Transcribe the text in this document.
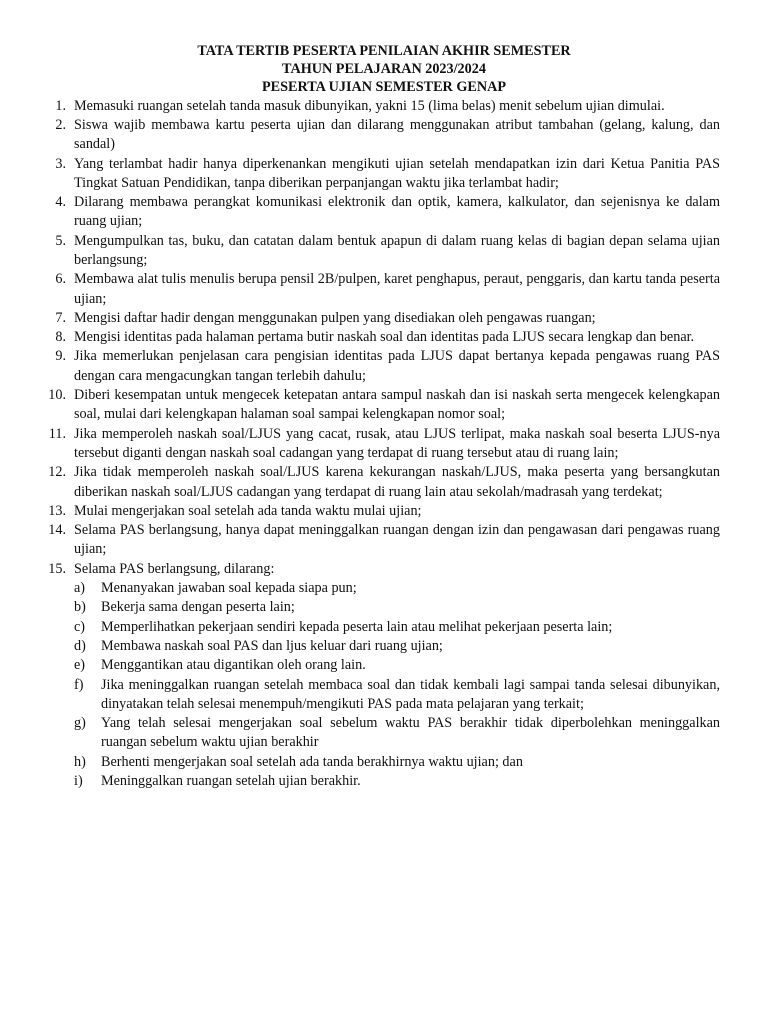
TATA TERTIB PESERTA PENILAIAN AKHIR SEMESTER
TAHUN PELAJARAN 2023/2024
PESERTA UJIAN SEMESTER GENAP
1. Memasuki ruangan setelah tanda masuk dibunyikan, yakni 15 (lima belas) menit sebelum ujian dimulai.
2. Siswa wajib membawa kartu peserta ujian dan dilarang menggunakan atribut tambahan (gelang, kalung, dan sandal)
3. Yang terlambat hadir hanya diperkenankan mengikuti ujian setelah mendapatkan izin dari Ketua Panitia PAS Tingkat Satuan Pendidikan, tanpa diberikan perpanjangan waktu jika terlambat hadir;
4. Dilarang membawa perangkat komunikasi elektronik dan optik, kamera, kalkulator, dan sejenisnya ke dalam ruang ujian;
5. Mengumpulkan tas, buku, dan catatan dalam bentuk apapun di dalam ruang kelas di bagian depan selama ujian berlangsung;
6. Membawa alat tulis menulis berupa pensil 2B/pulpen, karet penghapus, peraut, penggaris, dan kartu tanda peserta ujian;
7. Mengisi daftar hadir dengan menggunakan pulpen yang disediakan oleh pengawas ruangan;
8. Mengisi identitas pada halaman pertama butir naskah soal dan identitas pada LJUS secara lengkap dan benar.
9. Jika memerlukan penjelasan cara pengisian identitas pada LJUS dapat bertanya kepada pengawas ruang PAS dengan cara mengacungkan tangan terlebih dahulu;
10. Diberi kesempatan untuk mengecek ketepatan antara sampul naskah dan isi naskah serta mengecek kelengkapan soal, mulai dari kelengkapan halaman soal sampai kelengkapan nomor soal;
11. Jika memperoleh naskah soal/LJUS yang cacat, rusak, atau LJUS terlipat, maka naskah soal beserta LJUS-nya tersebut diganti dengan naskah soal cadangan yang terdapat di ruang tersebut atau di ruang lain;
12. Jika tidak memperoleh naskah soal/LJUS karena kekurangan naskah/LJUS, maka peserta yang bersangkutan diberikan naskah soal/LJUS cadangan yang terdapat di ruang lain atau sekolah/madrasah yang terdekat;
13. Mulai mengerjakan soal setelah ada tanda waktu mulai ujian;
14. Selama PAS berlangsung, hanya dapat meninggalkan ruangan dengan izin dan pengawasan dari pengawas ruang ujian;
15. Selama PAS berlangsung, dilarang:
a) Menanyakan jawaban soal kepada siapa pun;
b) Bekerja sama dengan peserta lain;
c) Memperlihatkan pekerjaan sendiri kepada peserta lain atau melihat pekerjaan peserta lain;
d) Membawa naskah soal PAS dan ljus keluar dari ruang ujian;
e) Menggantikan atau digantikan oleh orang lain.
f) Jika meninggalkan ruangan setelah membaca soal dan tidak kembali lagi sampai tanda selesai dibunyikan, dinyatakan telah selesai menempuh/mengikuti PAS pada mata pelajaran yang terkait;
g) Yang telah selesai mengerjakan soal sebelum waktu PAS berakhir tidak diperbolehkan meninggalkan ruangan sebelum waktu ujian berakhir
h) Berhenti mengerjakan soal setelah ada tanda berakhirnya waktu ujian; dan
i) Meninggalkan ruangan setelah ujian berakhir.
